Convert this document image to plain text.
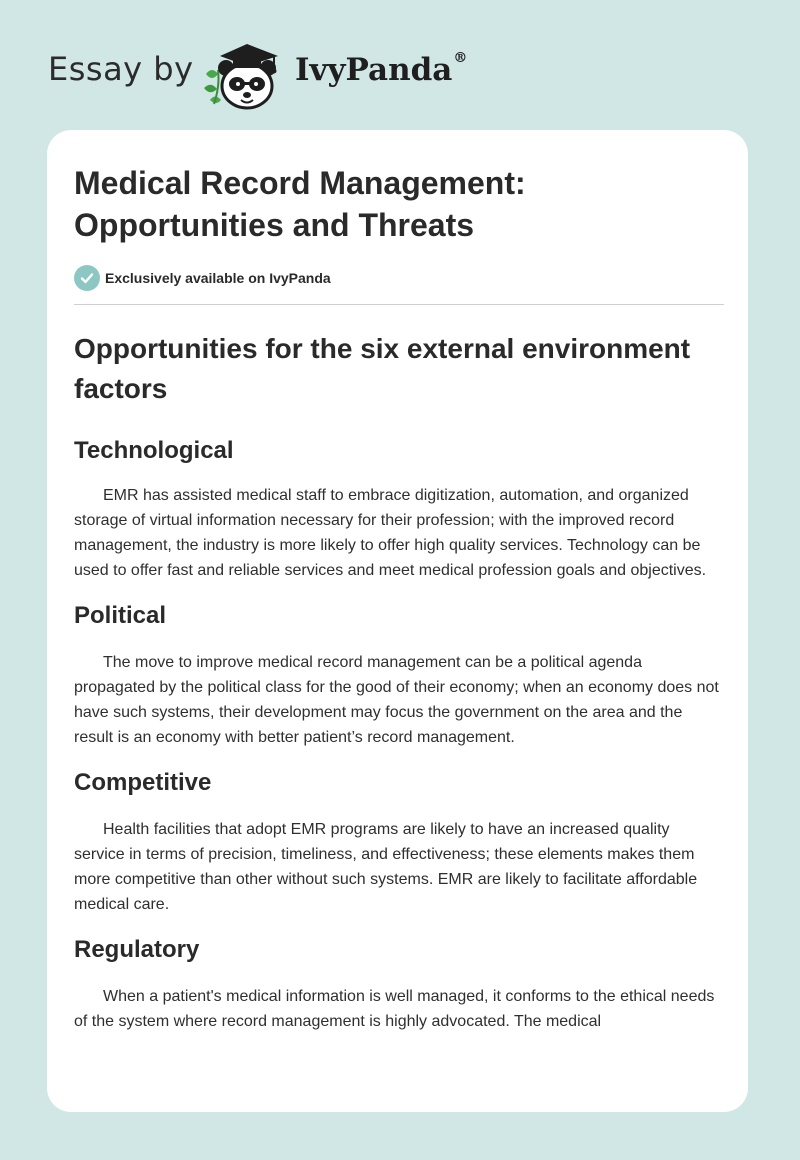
Essay by	IvyPanda®
Medical Record Management: Opportunities and Threats
Exclusively available on IvyPanda
Opportunities for the six external environment factors
Technological

EMR has assisted medical staff to embrace digitization, automation, and organized storage of virtual information necessary for their profession; with the improved record management, the industry is more likely to offer high quality services. Technology can be used to offer fast and reliable services and meet medical profession goals and objectives.

Political

The move to improve medical record management can be a political agenda propagated by the political class for the good of their economy; when an economy does not have such systems, their development may focus the government on the area and the result is an economy with better patient’s record management.

Competitive

Health facilities that adopt EMR programs are likely to have an increased quality service in terms of precision, timeliness, and effectiveness; these elements makes them more competitive than other without such systems. EMR are likely to facilitate affordable medical care.

Regulatory

When a patient's medical information is well managed, it conforms to the ethical needs of the system where record management is highly advocated. The medical
